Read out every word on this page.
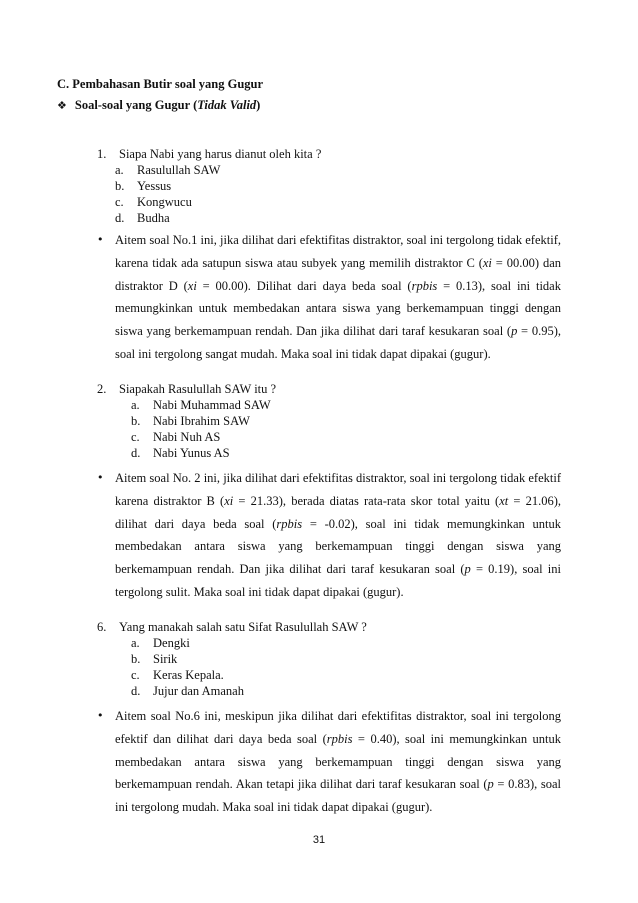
C. Pembahasan Butir soal yang Gugur
❖ Soal-soal yang Gugur (Tidak Valid)
1.	Siapa Nabi yang harus dianut oleh kita ?
a.	Rasulullah SAW
b.	Yessus
c.	Kongwucu
d.	Budha
• Aitem soal No.1 ini, jika dilihat dari efektifitas distraktor, soal ini tergolong tidak efektif, karena tidak ada satupun siswa atau subyek yang memilih distraktor C (xi = 00.00) dan distraktor D (xi = 00.00). Dilihat dari daya beda soal (rpbis = 0.13), soal ini tidak memungkinkan untuk membedakan antara siswa yang berkemampuan tinggi dengan siswa yang berkemampuan rendah. Dan jika dilihat dari taraf kesukaran soal (p = 0.95), soal ini tergolong sangat mudah. Maka soal ini tidak dapat dipakai (gugur).
2.	Siapakah Rasulullah SAW itu ?
a.	Nabi Muhammad SAW
b.	Nabi Ibrahim SAW
c.	Nabi Nuh AS
d.	Nabi Yunus AS
• Aitem soal No. 2 ini, jika dilihat dari efektifitas distraktor, soal ini tergolong tidak efektif karena distraktor B (xi = 21.33), berada diatas rata-rata skor total yaitu (xt = 21.06), dilihat dari daya beda soal (rpbis = -0.02), soal ini tidak memungkinkan untuk membedakan antara siswa yang berkemampuan tinggi dengan siswa yang berkemampuan rendah. Dan jika dilihat dari taraf kesukaran soal (p = 0.19), soal ini tergolong sulit. Maka soal ini tidak dapat dipakai (gugur).
6.	Yang manakah salah satu Sifat Rasulullah SAW ?
a.	Dengki
b.	Sirik
c.	Keras Kepala.
d.	Jujur dan Amanah
• Aitem soal No.6 ini, meskipun jika dilihat dari efektifitas distraktor, soal ini tergolong efektif dan dilihat dari daya beda soal (rpbis = 0.40), soal ini memungkinkan untuk membedakan antara siswa yang berkemampuan tinggi dengan siswa yang berkemampuan rendah. Akan tetapi jika dilihat dari taraf kesukaran soal (p = 0.83), soal ini tergolong mudah. Maka soal ini tidak dapat dipakai (gugur).
31
